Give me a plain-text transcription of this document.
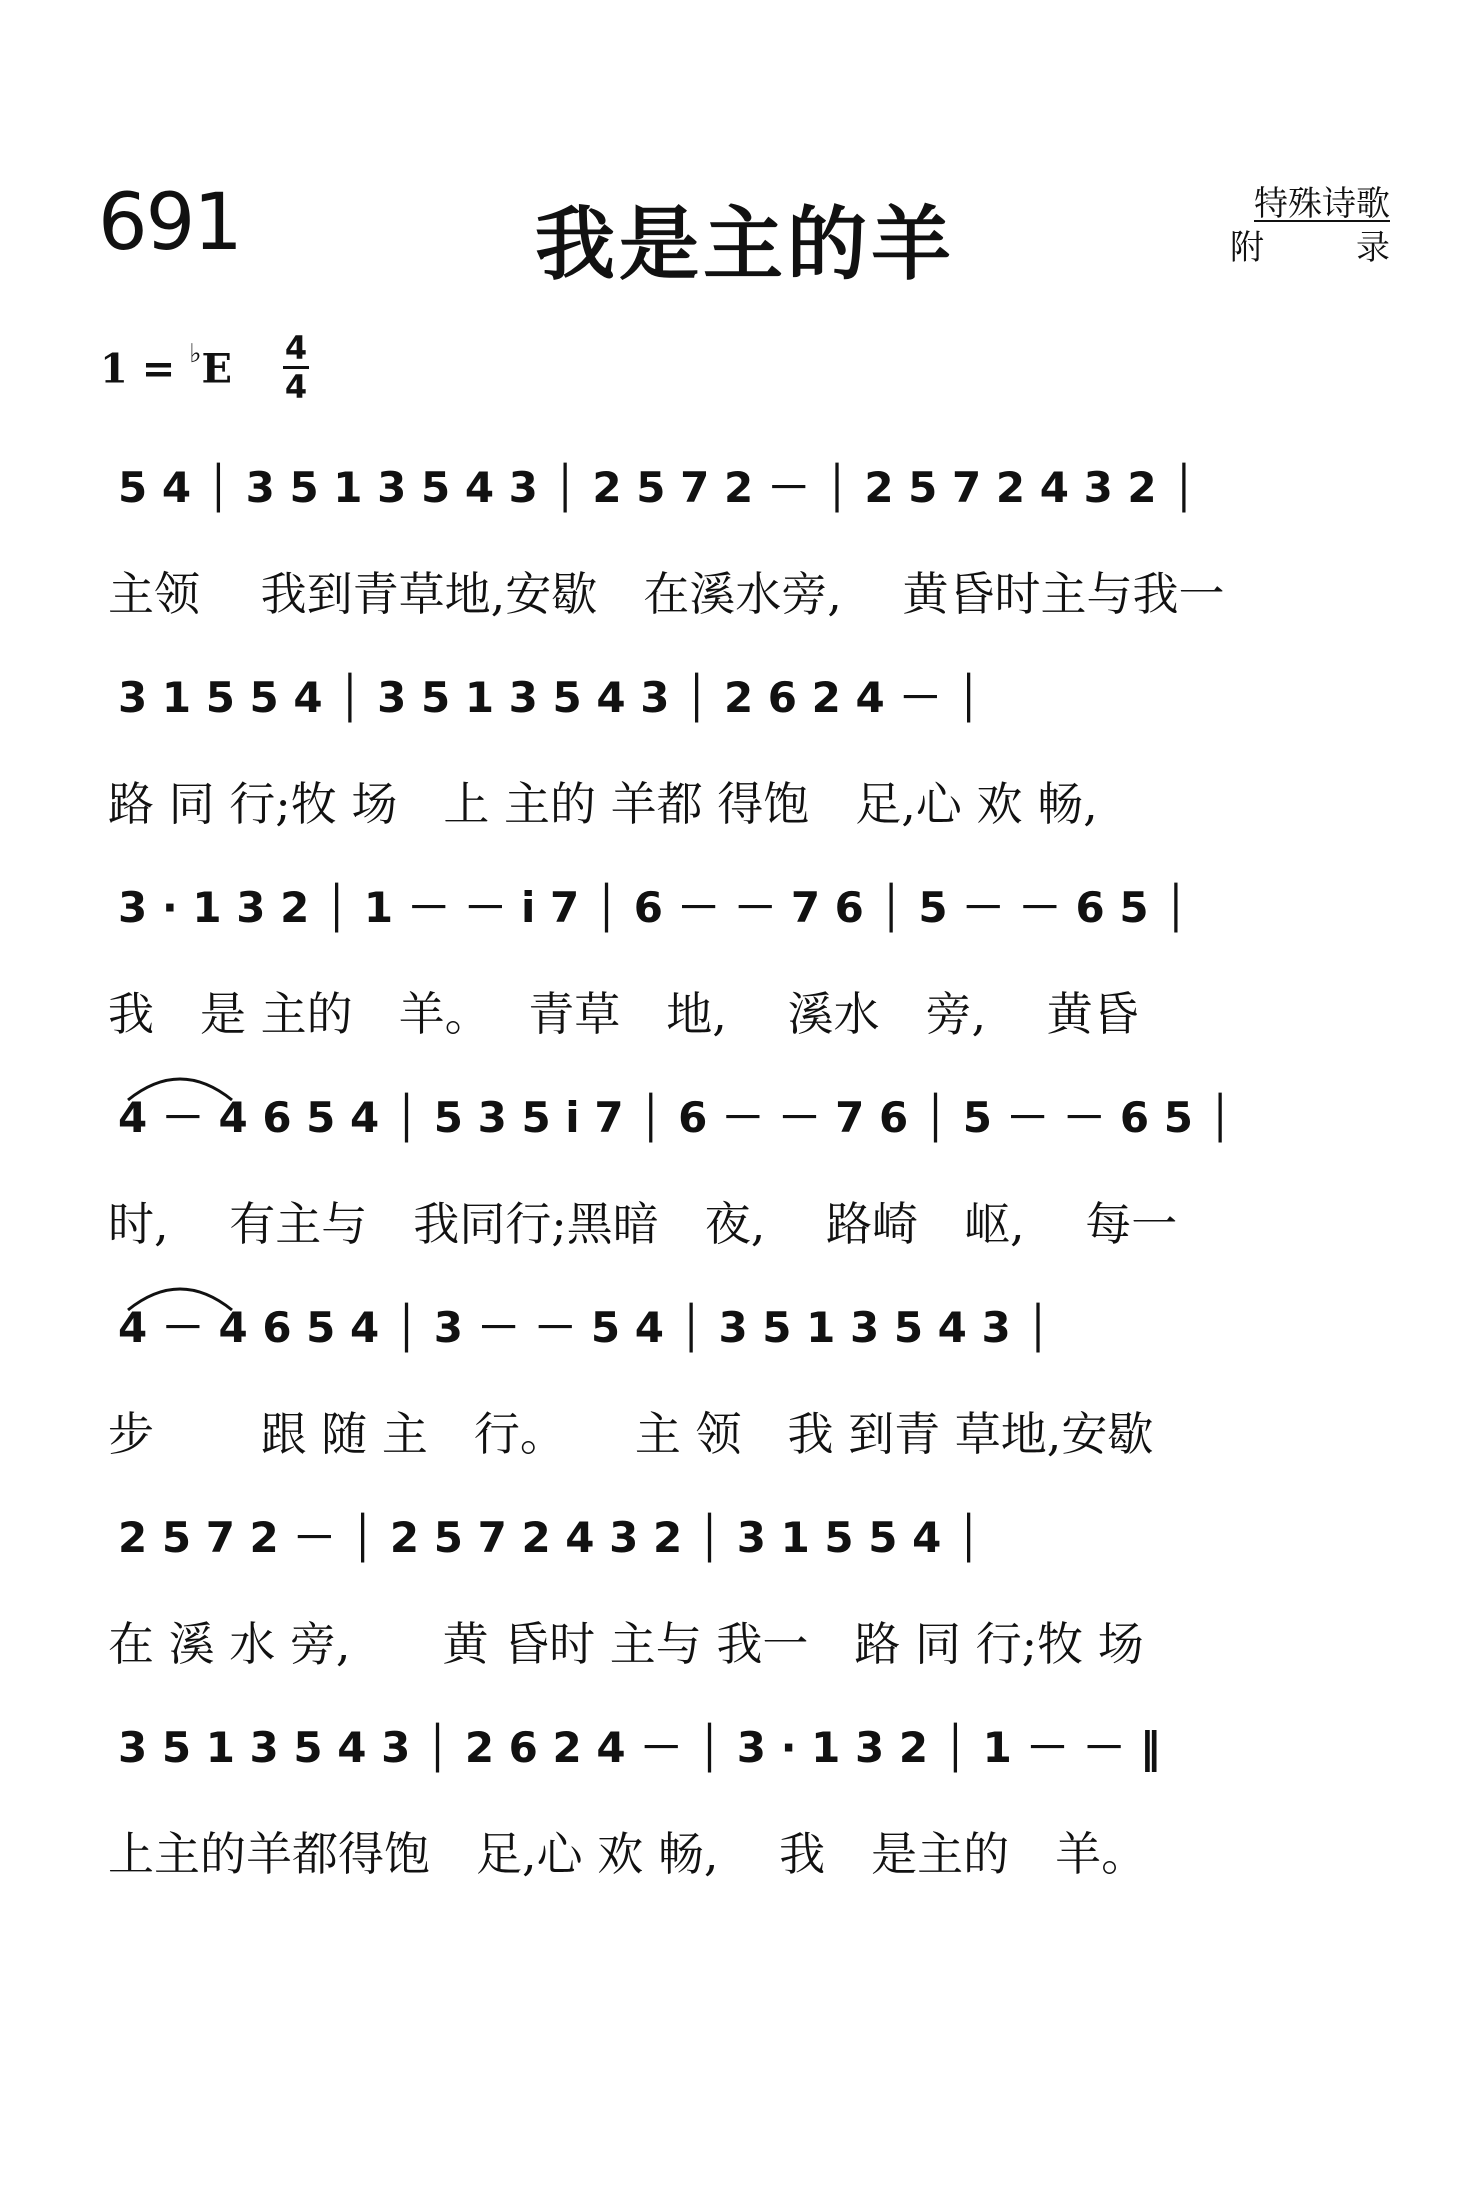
691	我是主的羊	特殊诗歌
附　　录
1 = ♭E 4
4
5 4 │ 3 5 1 3 5 4 3 │ 2 5 7 2 － │ 2 5 7 2 4 3 2 │
主领　 我到青草地,安歇　在溪水旁,　 黄昏时主与我一
3 1 5 5 4 │ 3 5 1 3 5 4 3 │ 2 6 2 4 － │
路 同 行;牧 场　上 主的 羊都 得饱　足,心 欢 畅,
3 · 1 3 2 │ 1 － － i 7 │ 6 － － 7 6 │ 5 － － 6 5 │
我　是 主的　羊。　 青草　地,　 溪水　旁,　 黄昏
4 － 4 6 5 4 │ 5 3 5 i 7 │ 6 － － 7 6 │ 5 － － 6 5 │
时,　 有主与　我同行;黑暗　夜,　 路崎　岖,　 每一
4 － 4 6 5 4 │ 3 － － 5 4 │ 3 5 1 3 5 4 3 │
步　　 跟 随 主　行。　　主 领　我 到青 草地,安歇
2 5 7 2 － │ 2 5 7 2 4 3 2 │ 3 1 5 5 4 │
在 溪 水 旁,　　黄 昏时 主与 我一　路 同 行;牧 场
3 5 1 3 5 4 3 │ 2 6 2 4 － │ 3 · 1 3 2 │ 1 － － ‖
上主的羊都得饱　足,心 欢 畅,　 我　是主的　羊。
